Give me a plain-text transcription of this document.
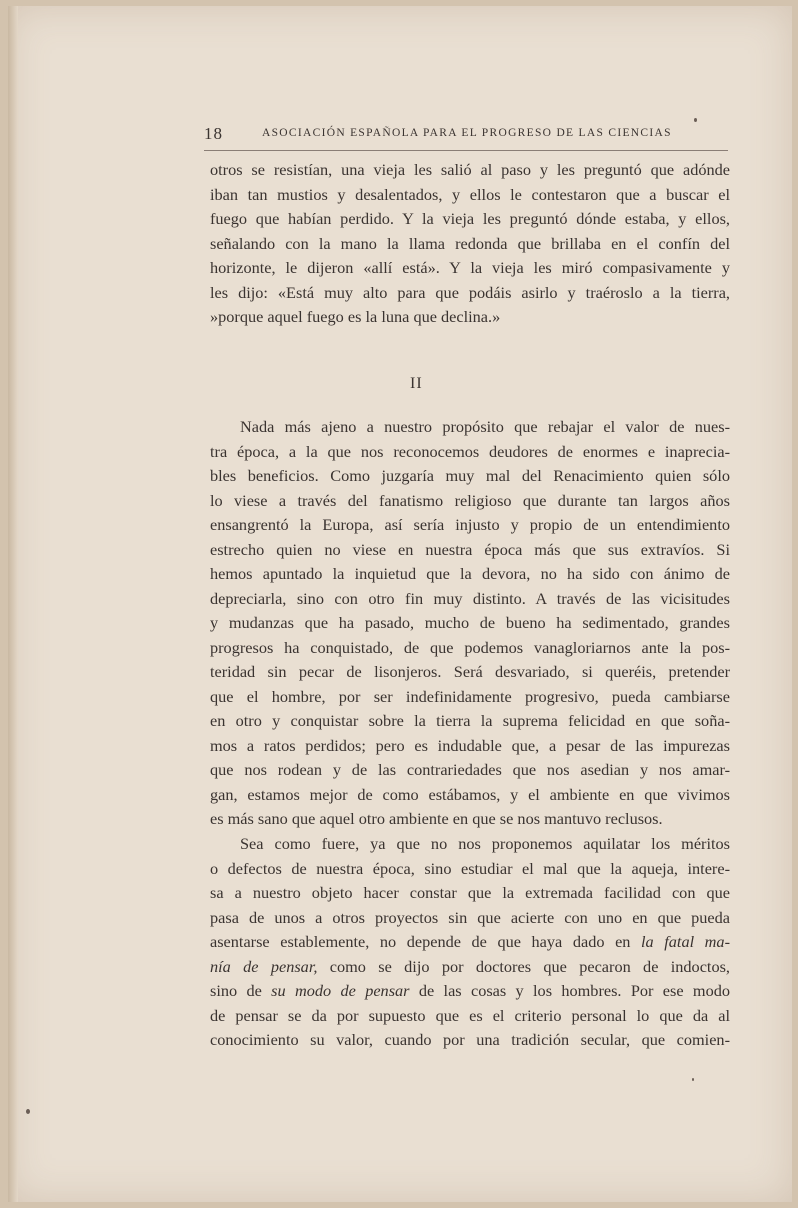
18	ASOCIACIÓN ESPAÑOLA PARA EL PROGRESO DE LAS CIENCIAS
otros se resistían, una vieja les salió al paso y les preguntó que adónde
iban tan mustios y desalentados, y ellos le contestaron que a buscar el
fuego que habían perdido. Y la vieja les preguntó dónde estaba, y ellos,
señalando con la mano la llama redonda que brillaba en el confín del
horizonte, le dijeron «allí está». Y la vieja les miró compasivamente y
les dijo: «Está muy alto para que podáis asirlo y traéroslo a la tierra,
»porque aquel fuego es la luna que declina.»
II
Nada más ajeno a nuestro propósito que rebajar el valor de nues-
tra época, a la que nos reconocemos deudores de enormes e inaprecia-
bles beneficios. Como juzgaría muy mal del Renacimiento quien sólo
lo viese a través del fanatismo religioso que durante tan largos años
ensangrentó la Europa, así sería injusto y propio de un entendimiento
estrecho quien no viese en nuestra época más que sus extravíos. Si
hemos apuntado la inquietud que la devora, no ha sido con ánimo de
depreciarla, sino con otro fin muy distinto. A través de las vicisitudes
y mudanzas que ha pasado, mucho de bueno ha sedimentado, grandes
progresos ha conquistado, de que podemos vanagloriarnos ante la pos-
teridad sin pecar de lisonjeros. Será desvariado, si queréis, pretender
que el hombre, por ser indefinidamente progresivo, pueda cambiarse
en otro y conquistar sobre la tierra la suprema felicidad en que soña-
mos a ratos perdidos; pero es indudable que, a pesar de las impurezas
que nos rodean y de las contrariedades que nos asedian y nos amar-
gan, estamos mejor de como estábamos, y el ambiente en que vivimos
es más sano que aquel otro ambiente en que se nos mantuvo reclusos.
Sea como fuere, ya que no nos proponemos aquilatar los méritos
o defectos de nuestra época, sino estudiar el mal que la aqueja, intere-
sa a nuestro objeto hacer constar que la extremada facilidad con que
pasa de unos a otros proyectos sin que acierte con uno en que pueda
asentarse establemente, no depende de que haya dado en la fatal ma-
nía de pensar, como se dijo por doctores que pecaron de indoctos,
sino de su modo de pensar de las cosas y los hombres. Por ese modo
de pensar se da por supuesto que es el criterio personal lo que da al
conocimiento su valor, cuando por una tradición secular, que comien-
